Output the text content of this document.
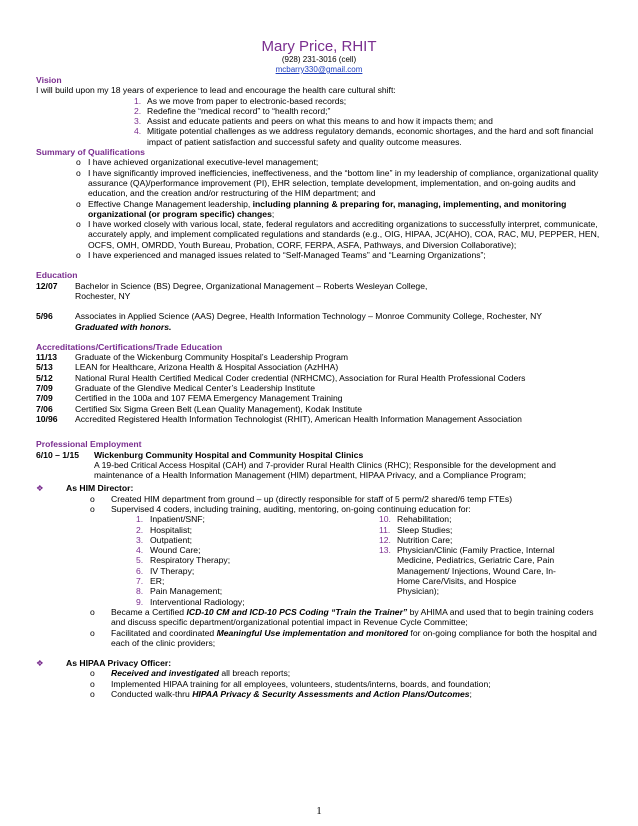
Mary Price, RHIT
(928) 231-3016 (cell)
mcbarry330@gmail.com
Vision
I will build upon my 18 years of experience to lead and encourage the health care cultural shift:
1. As we move from paper to electronic-based records;
2. Redefine the “medical record” to “health record;”
3. Assist and educate patients and peers on what this means to and how it impacts them; and
4. Mitigate potential challenges as we address regulatory demands, economic shortages, and the hard and soft financial impact of patient satisfaction and successful safety and quality outcome measures.
Summary of Qualifications
o I have achieved organizational executive-level management;
o I have significantly improved inefficiencies, ineffectiveness, and the “bottom line” in my leadership of compliance, organizational quality assurance (QA)/performance improvement (PI), EHR selection, template development, implementation, and on-going audits and education, and the creation and/or restructuring of the HIM department; and
o Effective Change Management leadership, including planning & preparing for, managing, implementing, and monitoring organizational (or program specific) changes;
o I have worked closely with various local, state, federal regulators and accrediting organizations to successfully interpret, communicate, accurately apply, and implement complicated regulations and standards (e.g., OIG, HIPAA, JC(AHO), COA, RAC, MU, PEPPER, HEN, OCFS, OMH, OMRDD, Youth Bureau, Probation, CORF, FERPA, ASFA, Pathways, and Diversion Collaborative);
o I have experienced and managed issues related to “Self-Managed Teams” and “Learning Organizations”;
Education
12/07	Bachelor in Science (BS) Degree, Organizational Management – Roberts Wesleyan College,
Rochester, NY
5/96	Associates in Applied Science (AAS) Degree, Health Information Technology – Monroe Community College, Rochester, NY
Graduated with honors.
Accreditations/Certifications/Trade Education
11/13	Graduate of the Wickenburg Community Hospital’s Leadership Program
5/13	LEAN for Healthcare, Arizona Health & Hospital Association (AzHHA)
5/12	National Rural Health Certified Medical Coder credential (NRHCMC), Association for Rural Health Professional Coders
7/09	Graduate of the Glendive Medical Center’s Leadership Institute
7/09	Certified in the 100a and 107 FEMA Emergency Management Training
7/06	Certified Six Sigma Green Belt (Lean Quality Management), Kodak Institute
10/96	Accredited Registered Health Information Technologist (RHIT), American Health Information Management Association
Professional Employment
6/10 – 1/15	Wickenburg Community Hospital and Community Hospital Clinics
A 19-bed Critical Access Hospital (CAH) and 7-provider Rural Health Clinics (RHC); Responsible for the development and maintenance of a Health Information Management (HIM) department, HIPAA Privacy, and a Compliance Program;
❖	As HIM Director:
o	Created HIM department from ground – up (directly responsible for staff of 5 perm/2 shared/6 temp FTEs)
o	Supervised 4 coders, including training, auditing, mentoring, on-going continuing education for:
1. Inpatient/SNF;
2. Hospitalist;
3. Outpatient;
4. Wound Care;
5. Respiratory Therapy;
6. IV Therapy;
7. ER;
8. Pain Management;
9. Interventional Radiology;
10. Rehabilitation;
11. Sleep Studies;
12. Nutrition Care;
13. Physician/Clinic (Family Practice, Internal Medicine, Pediatrics, Geriatric Care, Pain Management/ Injections, Wound Care, In-Home Care/Visits, and Hospice Physician);
o	Became a Certified ICD-10 CM and ICD-10 PCS Coding “Train the Trainer” by AHIMA and used that to begin training coders and discuss specific department/organizational potential impact in Revenue Cycle Committee;
o	Facilitated and coordinated Meaningful Use implementation and monitored for on-going compliance for both the hospital and each of the clinic providers;
❖	As HIPAA Privacy Officer:
o	Received and investigated all breach reports;
o	Implemented HIPAA training for all employees, volunteers, students/interns, boards, and foundation;
o	Conducted walk-thru HIPAA Privacy & Security Assessments and Action Plans/Outcomes;
1
